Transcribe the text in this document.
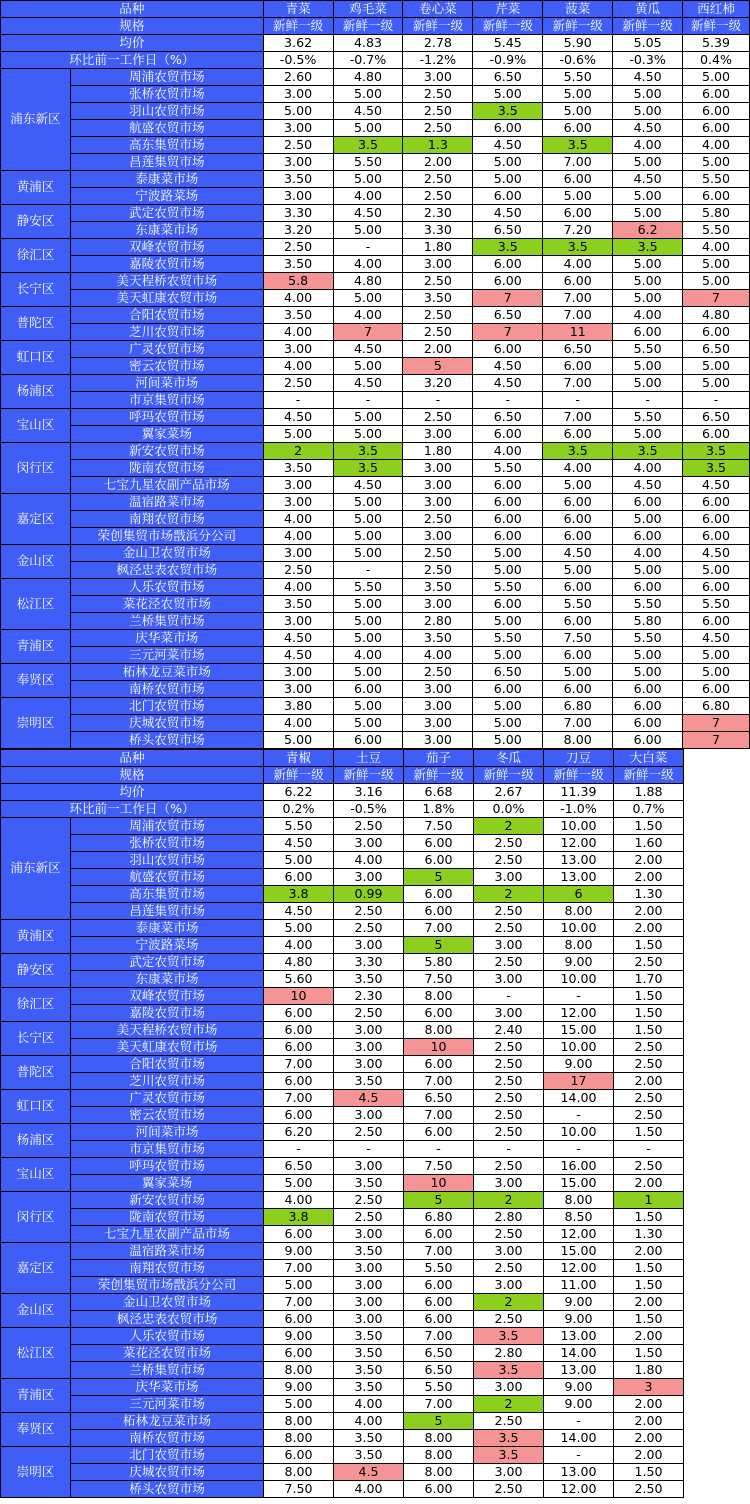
品种		青菜	鸡毛菜	卷心菜	芹菜	菠菜	黄瓜	西红柿
规格		新鲜一级	新鲜一级	新鲜一级	新鲜一级	新鲜一级	新鲜一级	新鲜一级
均价		3.62	4.83	2.78	5.45	5.90	5.05	5.39
环比前一工作日（%）		-0.5%	-0.7%	-1.2%	-0.9%	-0.6%	-0.3%	0.4%
浦东新区	周浦农贸市场	2.60	4.80	3.00	6.50	5.50	4.50	5.00
	张桥农贸市场	3.00	5.00	2.50	5.00	5.00	5.00	6.00
	羽山农贸市场	5.00	4.50	2.50	3.5	5.00	5.00	6.00
	航盛农贸市场	3.00	5.00	2.50	6.00	6.00	4.50	6.00
	高东集贸市场	2.50	3.5	1.3	4.50	3.5	4.00	4.00
	昌莲集贸市场	3.00	5.50	2.00	5.00	7.00	5.00	5.00
黄浦区	泰康菜市场	3.50	5.00	2.50	5.00	6.00	4.50	5.50
	宁波路菜场	3.00	4.00	2.50	6.00	5.00	5.00	6.00
静安区	武定农贸市场	3.30	4.50	2.30	4.50	6.00	5.00	5.80
	东康菜市场	3.20	5.00	3.30	6.50	7.20	6.2	5.50
徐汇区	双峰农贸市场	2.50	-	1.80	3.5	3.5	3.5	4.00
	嘉陵农贸市场	3.50	4.00	3.00	6.00	4.00	5.00	5.00
长宁区	美天程桥农贸市场	5.8	4.80	2.50	6.00	6.00	5.00	5.00
	美天虹康农贸市场	4.00	5.00	3.50	7	7.00	5.00	7
普陀区	合阳农贸市场	3.50	4.00	2.50	6.50	7.00	4.00	4.80
	芝川农贸市场	4.00	7	2.50	7	11	6.00	6.00
虹口区	广灵农贸市场	3.00	4.50	2.00	6.00	6.50	5.50	6.50
	密云农贸市场	4.00	5.00	5	4.50	6.00	5.00	5.00
杨浦区	河间菜市场	2.50	4.50	3.20	4.50	7.00	5.00	5.00
	市京集贸市场	-	-	-	-	-	-	-
宝山区	呼玛农贸市场	4.50	5.00	2.50	6.50	7.00	5.50	6.50
	翼家菜场	5.00	5.00	3.00	6.00	6.00	5.00	6.00
闵行区	新安农贸市场	2	3.5	1.80	4.00	3.5	3.5	3.5
	陇南农贸市场	3.50	3.5	3.00	5.50	4.00	4.00	3.5
	七宝九星农副产品市场	3.00	4.50	3.00	6.00	5.00	4.50	4.50
嘉定区	温宿路菜市场	3.00	5.00	3.00	6.00	6.00	6.00	6.00
	南翔农贸市场	4.00	5.00	2.50	6.00	6.00	5.00	6.00
	荣创集贸市场戬浜分公司	4.00	5.00	3.00	6.00	6.00	6.00	6.00
金山区	金山卫农贸市场	3.00	5.00	2.50	5.00	4.50	4.00	4.50
	枫泾忠表农贸市场	2.50	-	2.50	5.00	5.00	5.00	5.00
松江区	人乐农贸市场	4.00	5.50	3.50	5.50	6.00	6.00	6.00
	菜花泾农贸市场	3.50	5.00	3.00	6.00	5.50	5.50	5.50
	兰桥集贸市场	3.00	5.00	2.80	5.00	6.00	5.80	6.00
青浦区	庆华菜市场	4.50	5.00	3.50	5.50	7.50	5.50	4.50
	三元河菜市场	4.50	4.00	4.00	5.00	6.00	5.00	5.00
奉贤区	柘林龙豆菜市场	3.00	5.00	2.50	6.50	5.00	5.00	5.00
	南桥农贸市场	3.00	6.00	3.00	6.00	6.00	6.00	6.00
崇明区	北门农贸市场	3.80	5.00	3.00	5.00	6.80	6.00	6.80
	庆城农贸市场	4.00	5.00	3.00	5.00	7.00	6.00	7
	桥头农贸市场	5.00	6.00	3.00	5.00	8.00	6.00	7
品种		青椒	土豆	茄子	冬瓜	刀豆	大白菜
规格		新鲜一级	新鲜一级	新鲜一级	新鲜一级	新鲜一级	新鲜一级
均价		6.22	3.16	6.68	2.67	11.39	1.88
环比前一工作日（%）		0.2%	-0.5%	1.8%	0.0%	-1.0%	0.7%
浦东新区	周浦农贸市场	5.50	2.50	7.50	2	10.00	1.50
	张桥农贸市场	4.50	3.00	6.00	2.50	12.00	1.60
	羽山农贸市场	5.00	4.00	6.00	2.50	13.00	2.00
	航盛农贸市场	6.00	3.00	5	3.00	13.00	2.00
	高东集贸市场	3.8	0.99	6.00	2	6	1.30
	昌莲集贸市场	4.50	2.50	6.00	2.50	8.00	2.00
黄浦区	泰康菜市场	5.00	2.50	7.00	2.50	10.00	2.00
	宁波路菜场	4.00	3.00	5	3.00	8.00	1.50
静安区	武定农贸市场	4.80	3.30	5.80	2.50	9.00	2.50
	东康菜市场	5.60	3.50	7.50	3.00	10.00	1.70
徐汇区	双峰农贸市场	10	2.30	8.00	-	-	1.50
	嘉陵农贸市场	6.00	2.50	6.00	3.00	12.00	1.50
长宁区	美天程桥农贸市场	6.00	3.00	8.00	2.40	15.00	1.50
	美天虹康农贸市场	6.00	3.00	10	2.50	10.00	2.50
普陀区	合阳农贸市场	7.00	3.00	6.00	2.50	9.00	2.50
	芝川农贸市场	6.00	3.50	7.00	2.50	17	2.00
虹口区	广灵农贸市场	7.00	4.5	6.50	2.50	14.00	2.50
	密云农贸市场	6.00	3.00	7.00	2.50	-	2.50
杨浦区	河间菜市场	6.20	2.50	6.00	2.50	10.00	1.50
	市京集贸市场	-	-	-	-	-	-
宝山区	呼玛农贸市场	6.50	3.00	7.50	2.50	16.00	2.50
	翼家菜场	5.00	3.50	10	3.00	15.00	2.00
闵行区	新安农贸市场	4.00	2.50	5	2	8.00	1
	陇南农贸市场	3.8	2.50	6.80	2.80	8.50	1.50
	七宝九星农副产品市场	6.00	3.00	6.00	2.50	12.00	1.30
嘉定区	温宿路菜市场	9.00	3.50	7.00	3.00	15.00	2.00
	南翔农贸市场	7.00	3.00	5.50	2.50	12.00	1.50
	荣创集贸市场戬浜分公司	5.00	3.00	6.00	3.00	11.00	1.50
金山区	金山卫农贸市场	7.00	3.00	6.00	2	9.00	2.00
	枫泾忠表农贸市场	6.00	3.00	6.00	2.50	9.00	1.50
松江区	人乐农贸市场	9.00	3.50	7.00	3.5	13.00	2.00
	菜花泾农贸市场	6.00	3.50	6.50	2.80	14.00	1.50
	兰桥集贸市场	8.00	3.50	6.50	3.5	13.00	1.80
青浦区	庆华菜市场	9.00	3.50	5.50	3.00	9.00	3
	三元河菜市场	5.00	4.00	7.00	2	9.00	2.00
奉贤区	柘林龙豆菜市场	8.00	4.00	5	2.50	-	2.00
	南桥农贸市场	8.00	3.50	8.00	3.5	14.00	2.00
崇明区	北门农贸市场	6.00	3.50	8.00	3.5	-	2.00
	庆城农贸市场	8.00	4.5	8.00	3.00	13.00	1.50
	桥头农贸市场	7.50	4.00	6.00	2.50	12.00	2.50
